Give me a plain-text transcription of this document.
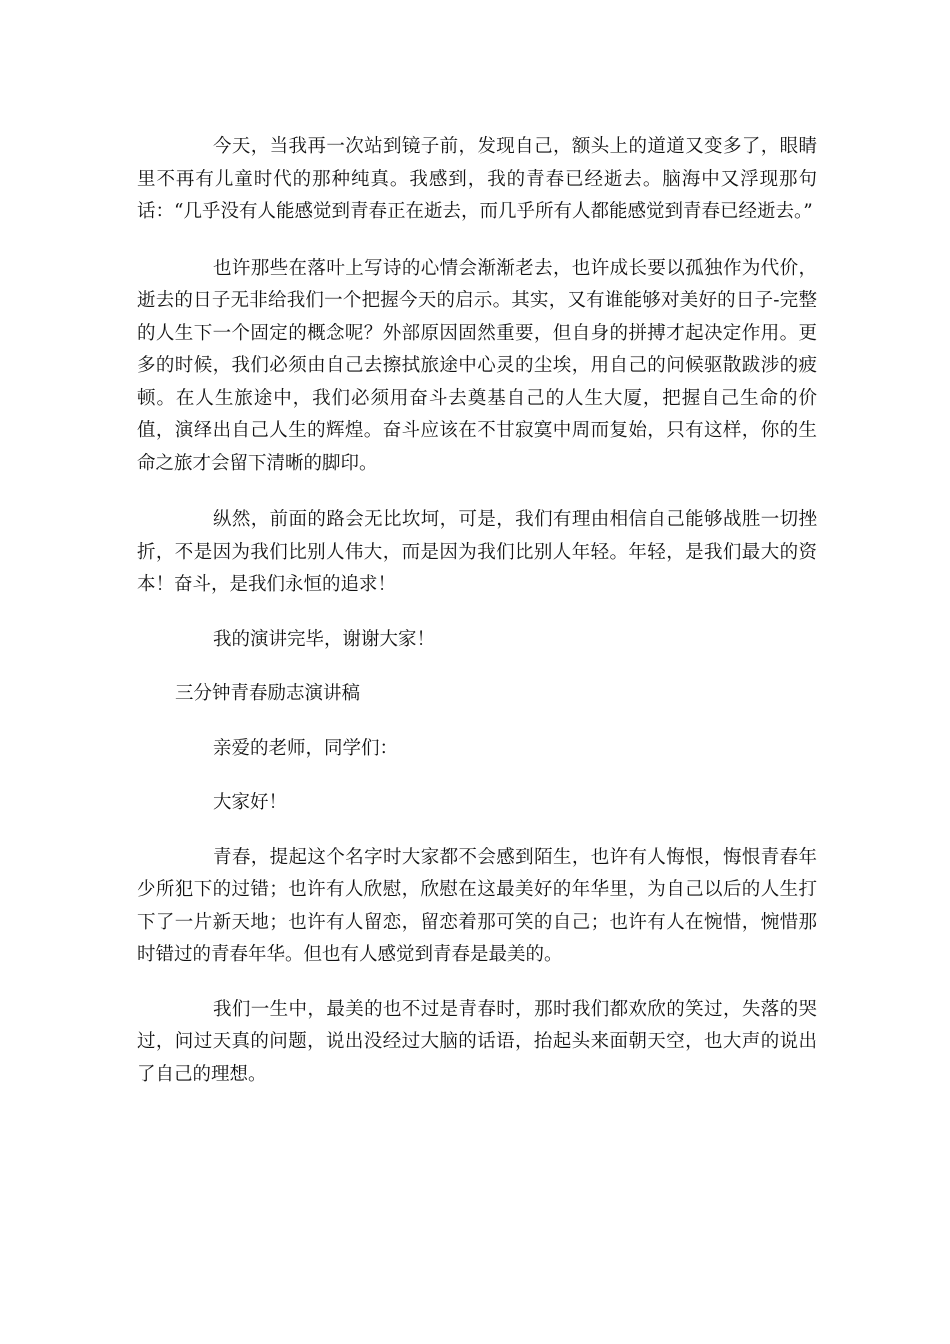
今天，当我再一次站到镜子前，发现自己，额头上的道道又变多了，眼睛里不再有儿童时代的那种纯真。我感到，我的青春已经逝去。脑海中又浮现那句话：“几乎没有人能感觉到青春正在逝去，而几乎所有人都能感觉到青春已经逝去。”

也许那些在落叶上写诗的心情会渐渐老去，也许成长要以孤独作为代价，逝去的日子无非给我们一个把握今天的启示。其实，又有谁能够对美好的日子-完整的人生下一个固定的概念呢？外部原因固然重要，但自身的拼搏才起决定作用。更多的时候，我们必须由自己去擦拭旅途中心灵的尘埃，用自己的问候驱散跋涉的疲顿。在人生旅途中，我们必须用奋斗去奠基自己的人生大厦，把握自己生命的价值，演绎出自己人生的辉煌。奋斗应该在不甘寂寞中周而复始，只有这样，你的生命之旅才会留下清晰的脚印。

纵然，前面的路会无比坎坷，可是，我们有理由相信自己能够战胜一切挫折，不是因为我们比别人伟大，而是因为我们比别人年轻。年轻，是我们最大的资本！奋斗，是我们永恒的追求！

我的演讲完毕，谢谢大家！

三分钟青春励志演讲稿

亲爱的老师，同学们：

大家好！

青春，提起这个名字时大家都不会感到陌生，也许有人悔恨，悔恨青春年少所犯下的过错；也许有人欣慰，欣慰在这最美好的年华里，为自己以后的人生打下了一片新天地；也许有人留恋，留恋着那可笑的自己；也许有人在惋惜，惋惜那时错过的青春年华。但也有人感觉到青春是最美的。

我们一生中，最美的也不过是青春时，那时我们都欢欣的笑过，失落的哭过，问过天真的问题，说出没经过大脑的话语，抬起头来面朝天空，也大声的说出了自己的理想。
